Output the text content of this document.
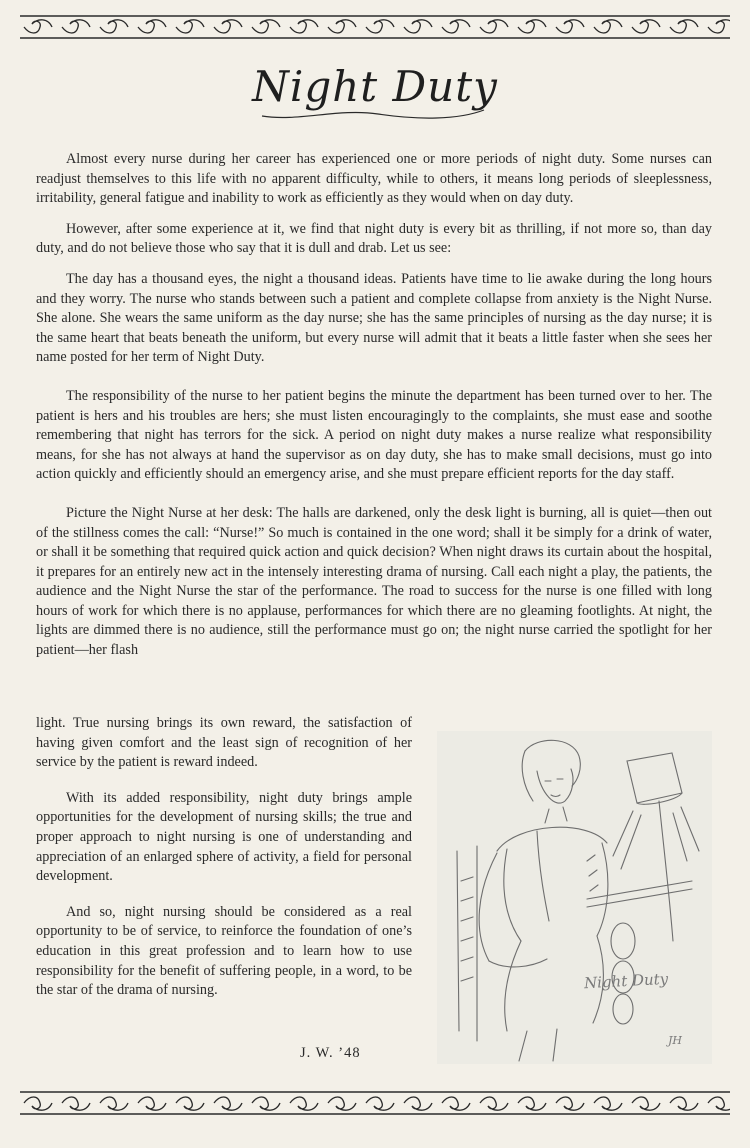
Night Duty

Almost every nurse during her career has experienced one or more periods of night duty. Some nurses can readjust themselves to this life with no apparent difficulty, while to others, it means long periods of sleeplessness, irritability, general fatigue and inability to work as efficiently as they would when on day duty.

However, after some experience at it, we find that night duty is every bit as thrilling, if not more so, than day duty, and do not believe those who say that it is dull and drab. Let us see:

The day has a thousand eyes, the night a thousand ideas. Patients have time to lie awake during the long hours and they worry. The nurse who stands between such a patient and complete collapse from anxiety is the Night Nurse. She alone. She wears the same uniform as the day nurse; she has the same principles of nursing as the day nurse; it is the same heart that beats beneath the uniform, but every nurse will admit that it beats a little faster when she sees her name posted for her term of Night Duty.

The responsibility of the nurse to her patient begins the minute the department has been turned over to her. The patient is hers and his troubles are hers; she must listen encouragingly to the complaints, she must ease and soothe remembering that night has terrors for the sick. A period on night duty makes a nurse realize what responsibility means, for she has not always at hand the supervisor as on day duty, she has to make small decisions, must go into action quickly and efficiently should an emergency arise, and she must prepare efficient reports for the day staff.

Picture the Night Nurse at her desk: The halls are darkened, only the desk light is burning, all is quiet—then out of the stillness comes the call: “Nurse!” So much is contained in the one word; shall it be simply for a drink of water, or shall it be something that required quick action and quick decision? When night draws its curtain about the hospital, it prepares for an entirely new act in the intensely interesting drama of nursing. Call each night a play, the patients, the audience and the Night Nurse the star of the performance. The road to success for the nurse is one filled with long hours of work for which there is no applause, performances for which there are no gleaming footlights. At night, the lights are dimmed there is no audience, still the performance must go on; the night nurse carried the spotlight for her patient—her flash

light. True nursing brings its own reward, the satisfaction of having given comfort and the least sign of recognition of her service by the patient is reward indeed.

With its added responsibility, night duty brings ample opportunities for the development of nursing skills; the true and proper approach to night nursing is one of understanding and appreciation of an enlarged sphere of activity, a field for personal development.

And so, night nursing should be considered as a real opportunity to be of service, to reinforce the foundation of one’s education in this great profession and to learn how to use responsibility for the benefit of suffering people, in a word, to be the star of the drama of nursing.

J. W. ’48
Night Duty
JH
